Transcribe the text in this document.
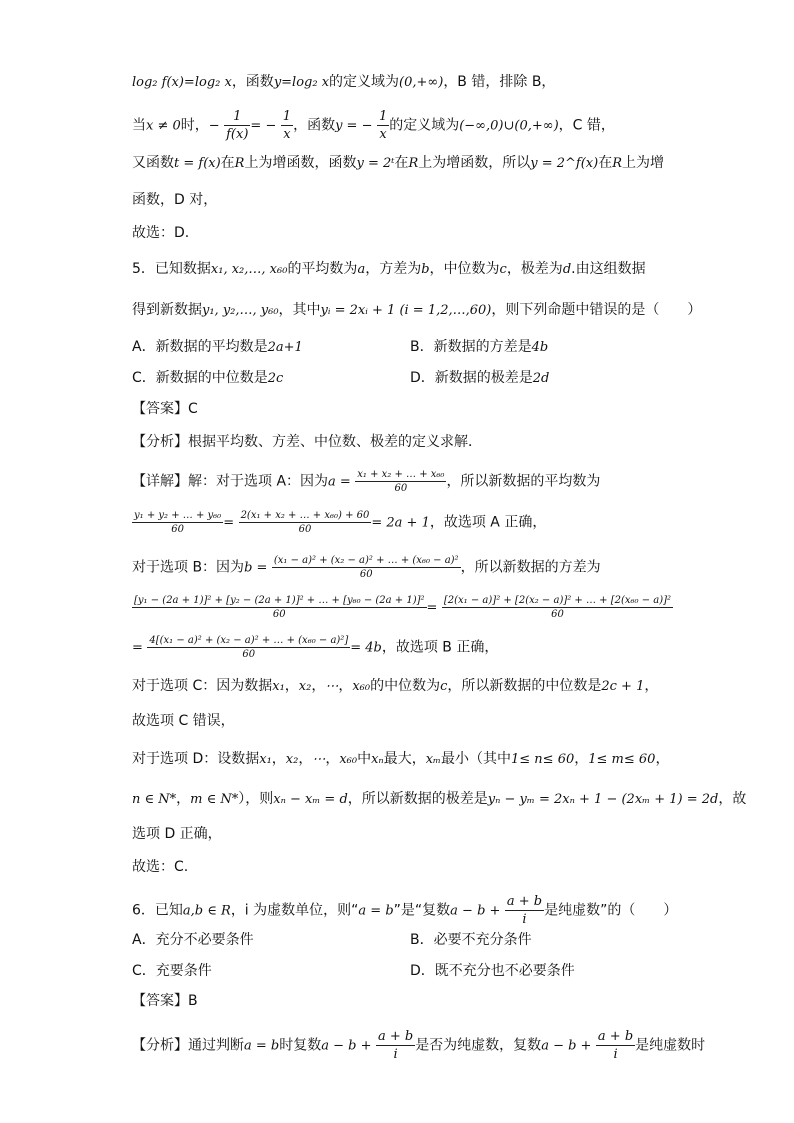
log₂ f(x)=log₂ x，函数y=log₂ x的定义域为(0,+∞)，B 错，排除 B，
当x ≠ 0时，− $\frac{1}{f(x)}$ = − $\frac{1}{x}$ ，函数y = − $\frac{1}{x}$ 的定义域为(−∞,0)∪(0,+∞)，C 错，
又函数t = f(x)在R上为增函数，函数y = 2ᵗ在R上为增函数，所以y = 2^f(x)在R上为增
函数，D 对，
故选：D.
5．已知数据x₁, x₂,…, x₆₀的平均数为a，方差为b，中位数为c，极差为d.由这组数据
得到新数据y₁, y₂,…, y₆₀，其中yᵢ = 2xᵢ + 1 (i = 1,2,…,60)，则下列命题中错误的是（　　）
A．新数据的平均数是2a+1	B．新数据的方差是4b
C．新数据的中位数是2c	D．新数据的极差是2d
【答案】C
【分析】根据平均数、方差、中位数、极差的定义求解．
【详解】解：对于选项 A：因为$a = \frac{\text{x₁ + x₂ + … + x₆₀}}{60}$ ，所以新数据的平均数为
$\frac{\text{y₁ + y₂ + … + y₆₀}}{60} = \frac{\text{2(x₁ + x₂ + … + x₆₀) + 60}}{60} = 2a + 1$，故选项 A 正确，
对于选项 B：因为$b = \frac{\text{(x₁ − a)² + (x₂ − a)² + … + (x₆₀ − a)²}}{60}$ ，所以新数据的方差为
$\frac{\text{[y₁ − (2a + 1)]² + [y₂ − (2a + 1)]² + … + [y₆₀ − (2a + 1)]²}}{60} = \frac{\text{[2(x₁ − a)]² + [2(x₂ − a)]² + … + [2(x₆₀ − a)]²}}{60}$
= $\frac{\text{4[(x₁ − a)² + (x₂ − a)² + … + (x₆₀ − a)²]}}{60} = 4b$，故选项 B 正确，
对于选项 C：因为数据x₁，x₂，⋯，x₆₀的中位数为c，所以新数据的中位数是2c + 1，
故选项 C 错误，
对于选项 D：设数据x₁，x₂，⋯，x₆₀中xₙ最大，xₘ最小（其中1≤ n≤ 60，1≤ m≤ 60，
n ∈ N*，m ∈ N*），则xₙ − xₘ = d，所以新数据的极差是yₙ − yₘ = 2xₙ + 1 − (2xₘ + 1) = 2d，故
选项 D 正确，
故选：C.
6．已知a,b ∈ R，i 为虚数单位，则“a = b”是“复数$a - b + \frac{a + b}{i}$ 是纯虚数”的（　　）
A．充分不必要条件	B．必要不充分条件
C．充要条件	D．既不充分也不必要条件
【答案】B
【分析】通过判断a = b时复数$a - b + \frac{a + b}{i}$ 是否为纯虚数，复数$a - b + \frac{a + b}{i}$ 是纯虚数时
